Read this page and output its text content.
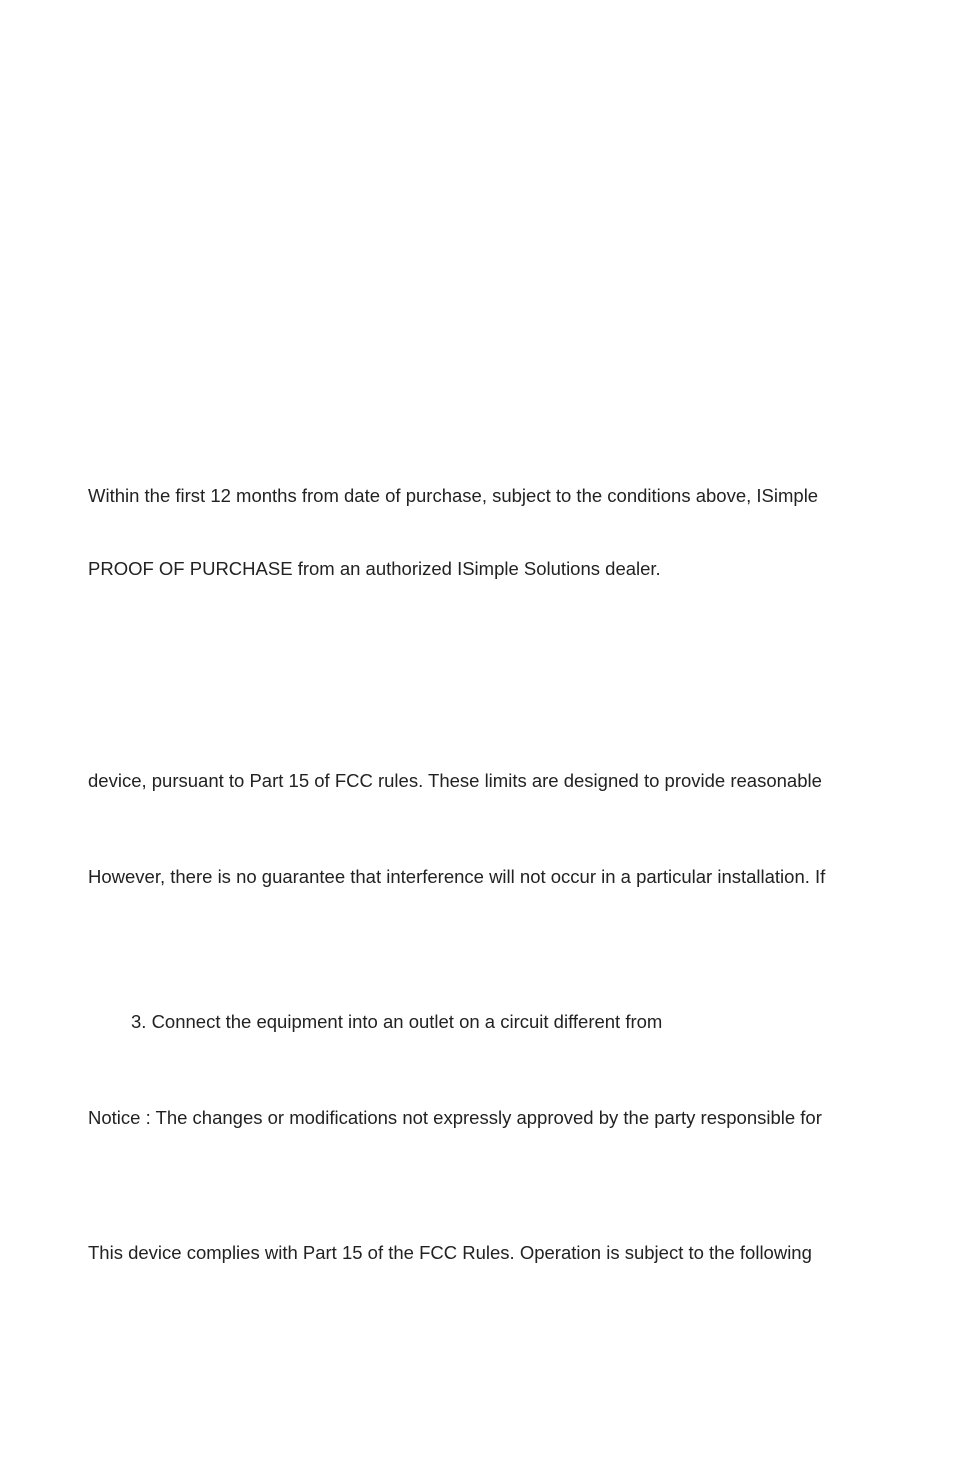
Within the first 12 months from date of purchase, subject to the conditions above, ISimple

PROOF OF PURCHASE from an authorized ISimple Solutions dealer.

device, pursuant to Part 15 of FCC rules. These limits are designed to provide reasonable

However, there is no guarantee that interference will not occur in a particular installation. If

3. Connect the equipment into an outlet on a circuit different from

Notice : The changes or modifications not expressly approved by the party responsible for

This device complies with Part 15 of the FCC Rules. Operation is subject to the following
